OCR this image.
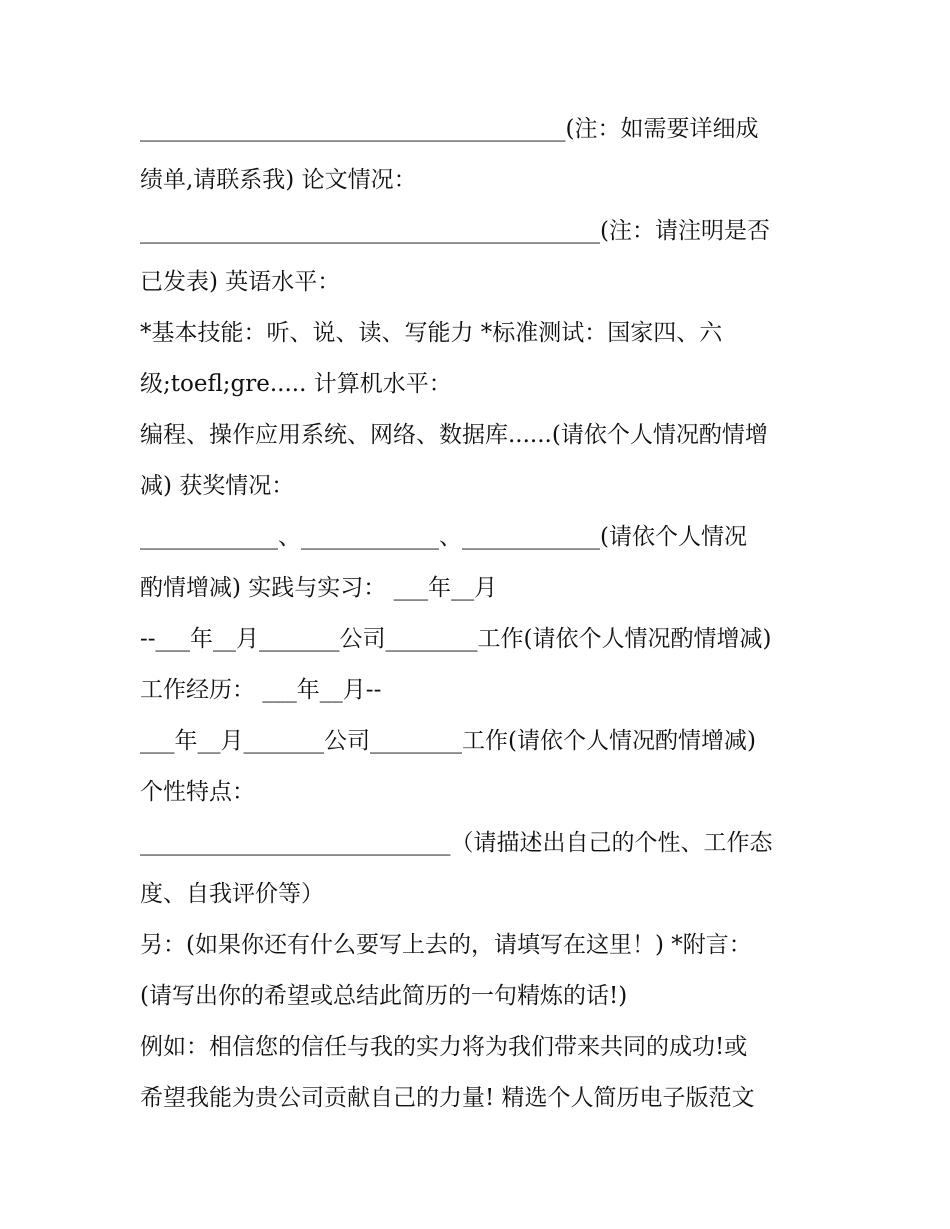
_____________________________________(注：如需要详细成
绩单,请联系我) 论文情况：
________________________________________(注：请注明是否
已发表) 英语水平：
*基本技能：听、说、读、写能力 *标准测试：国家四、六
级;toefl;gre..... 计算机水平：
编程、操作应用系统、网络、数据库......(请依个人情况酌情增
减) 获奖情况：
____________、____________、____________(请依个人情况
酌情增减) 实践与实习： ___年__月
--___年__月_______公司________工作(请依个人情况酌情增减)
工作经历： ___年__月--
___年__月_______公司________工作(请依个人情况酌情增减)
个性特点：
___________________________（请描述出自己的个性、工作态
度、自我评价等）
另：(如果你还有什么要写上去的，请填写在这里！) *附言：
(请写出你的希望或总结此简历的一句精炼的话!)
例如：相信您的信任与我的实力将为我们带来共同的成功!或
希望我能为贵公司贡献自己的力量! 精选个人简历电子版范文
